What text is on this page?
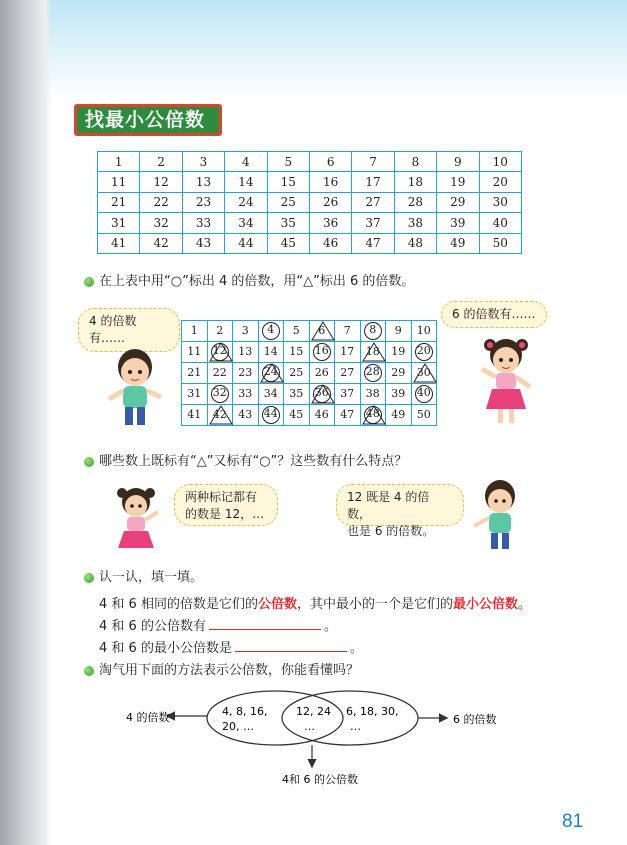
找最小公倍数
1	2	3	4	5	6	7	8	9	10
11	12	13	14	15	16	17	18	19	20
21	22	23	24	25	26	27	28	29	30
31	32	33	34	35	36	37	38	39	40
41	42	43	44	45	46	47	48	49	50
在上表中用“○”标出 4 的倍数，用“△”标出 6 的倍数。
4 的倍数有……
6 的倍数有……
1	2	3	4	5	6	7	8	9	10
11	12	13	14	15	16	17	18	19	20
21	22	23	24	25	26	27	28	29	30

31	32	33	34	35	36	37	38	39	40
41	42	43	44	45	46	47	48	49	50
哪些数上既标有“△”又标有“○”？这些数有什么特点？
两种标记都有
的数是 12，…
12 既是 4 的倍数，
也是 6 的倍数。
认一认，填一填。
4 和 6 相同的倍数是它们的公倍数，其中最小的一个是它们的最小公倍数。
4 和 6 的公倍数有	。
4 和 6 的最小公倍数是	。
淘气用下面的方法表示公倍数，你能看懂吗？
4 的倍数	6 的倍数
4和 6 的公倍数
4, 8, 16,
20, …
12, 24
…
6, 18, 30,
…
81
